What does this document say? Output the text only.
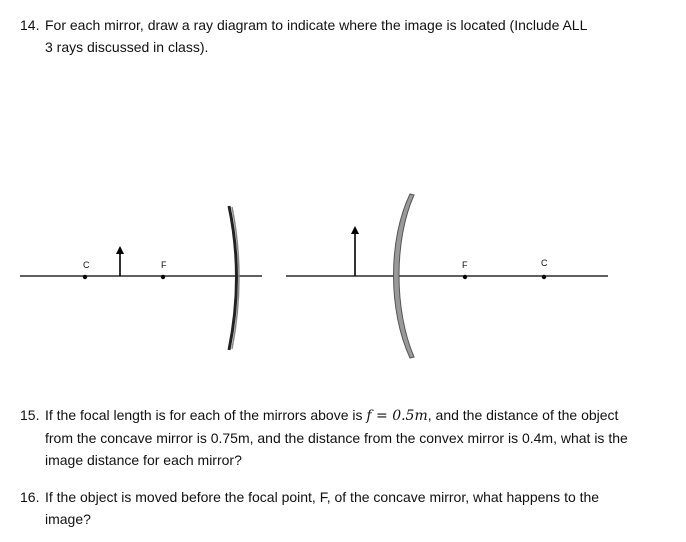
14. For each mirror, draw a ray diagram to indicate where the image is located (Include ALL
3 rays discussed in class).
C	F	F	C
15. If the focal length is for each of the mirrors above is f = 0.5m, and the distance of the object
from the concave mirror is 0.75m, and the distance from the convex mirror is 0.4m, what is the
image distance for each mirror?
16. If the object is moved before the focal point, F, of the concave mirror, what happens to the
image?
